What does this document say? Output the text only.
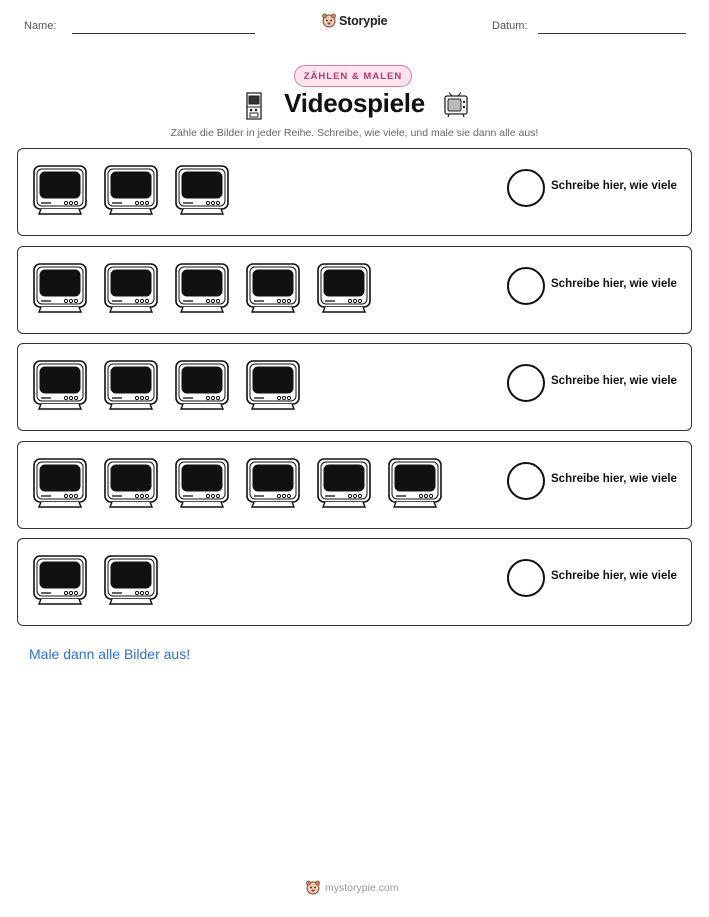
Name:	Storypie	Datum:
ZÄHLEN & MALEN
Videospiele
Zähle die Bilder in jeder Reihe. Schreibe, wie viele, und male sie dann alle aus!
Schreibe hier, wie viele
Schreibe hier, wie viele
Schreibe hier, wie viele
Schreibe hier, wie viele
Schreibe hier, wie viele
Male dann alle Bilder aus!
mystorypie.com
